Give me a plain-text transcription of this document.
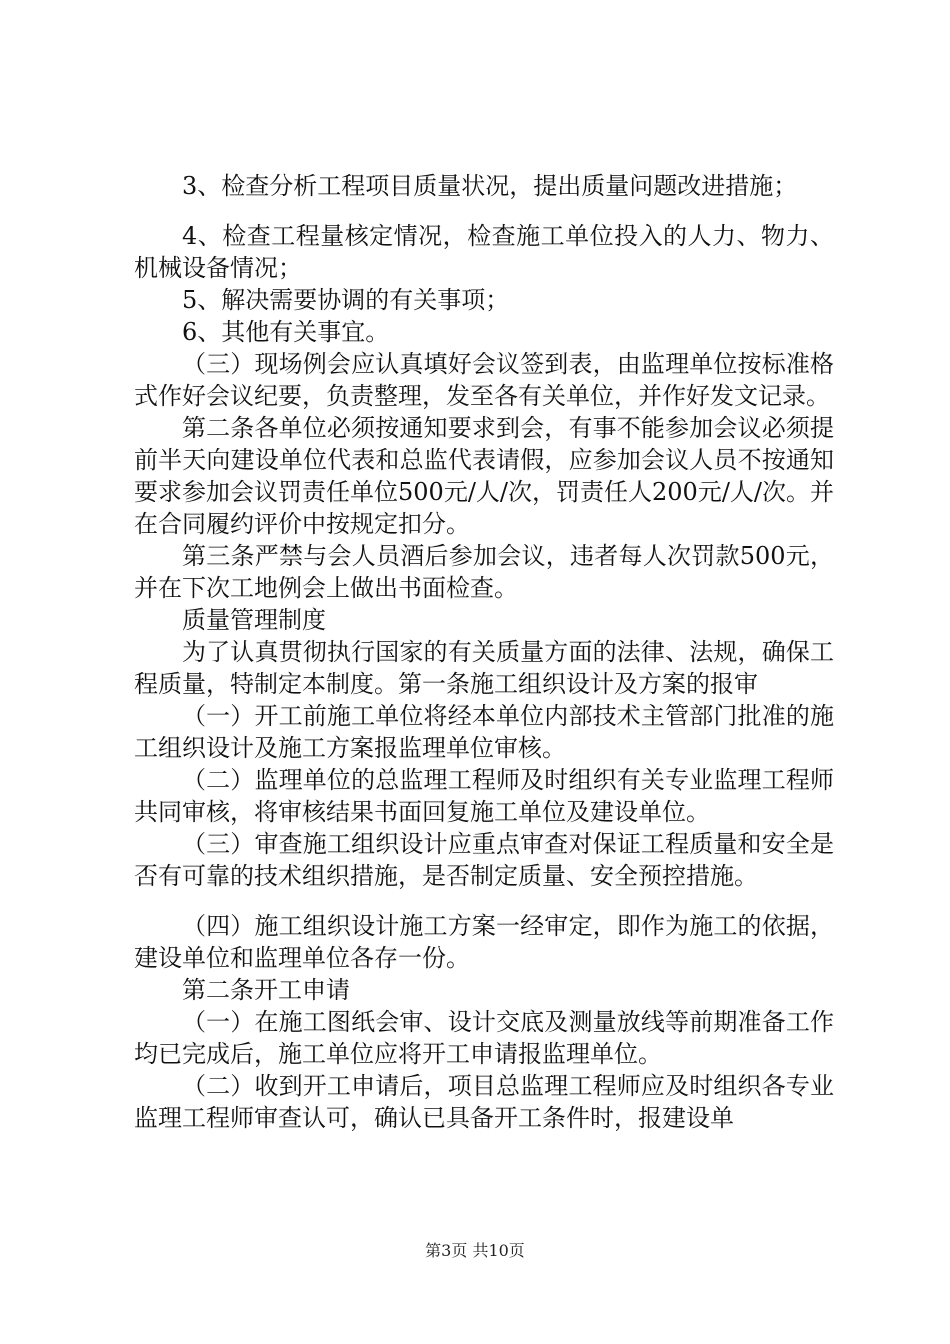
3、检查分析工程项目质量状况，提出质量问题改进措施；

4、检查工程量核定情况，检查施工单位投入的人力、物力、机械设备情况；

5、解决需要协调的有关事项；

6、其他有关事宜。

（三）现场例会应认真填好会议签到表，由监理单位按标准格式作好会议纪要，负责整理，发至各有关单位，并作好发文记录。

第二条各单位必须按通知要求到会，有事不能参加会议必须提前半天向建设单位代表和总监代表请假，应参加会议人员不按通知要求参加会议罚责任单位500元/人/次，罚责任人200元/人/次。并在合同履约评价中按规定扣分。

第三条严禁与会人员酒后参加会议，违者每人次罚款500元，并在下次工地例会上做出书面检查。

质量管理制度

为了认真贯彻执行国家的有关质量方面的法律、法规，确保工程质量，特制定本制度。第一条施工组织设计及方案的报审

（一）开工前施工单位将经本单位内部技术主管部门批准的施工组织设计及施工方案报监理单位审核。

（二）监理单位的总监理工程师及时组织有关专业监理工程师共同审核，将审核结果书面回复施工单位及建设单位。

（三）审查施工组织设计应重点审查对保证工程质量和安全是否有可靠的技术组织措施，是否制定质量、安全预控措施。

（四）施工组织设计施工方案一经审定，即作为施工的依据，建设单位和监理单位各存一份。

第二条开工申请

（一）在施工图纸会审、设计交底及测量放线等前期准备工作均已完成后，施工单位应将开工申请报监理单位。

（二）收到开工申请后，项目总监理工程师应及时组织各专业监理工程师审查认可，确认已具备开工条件时，报建设单

第3页 共10页
